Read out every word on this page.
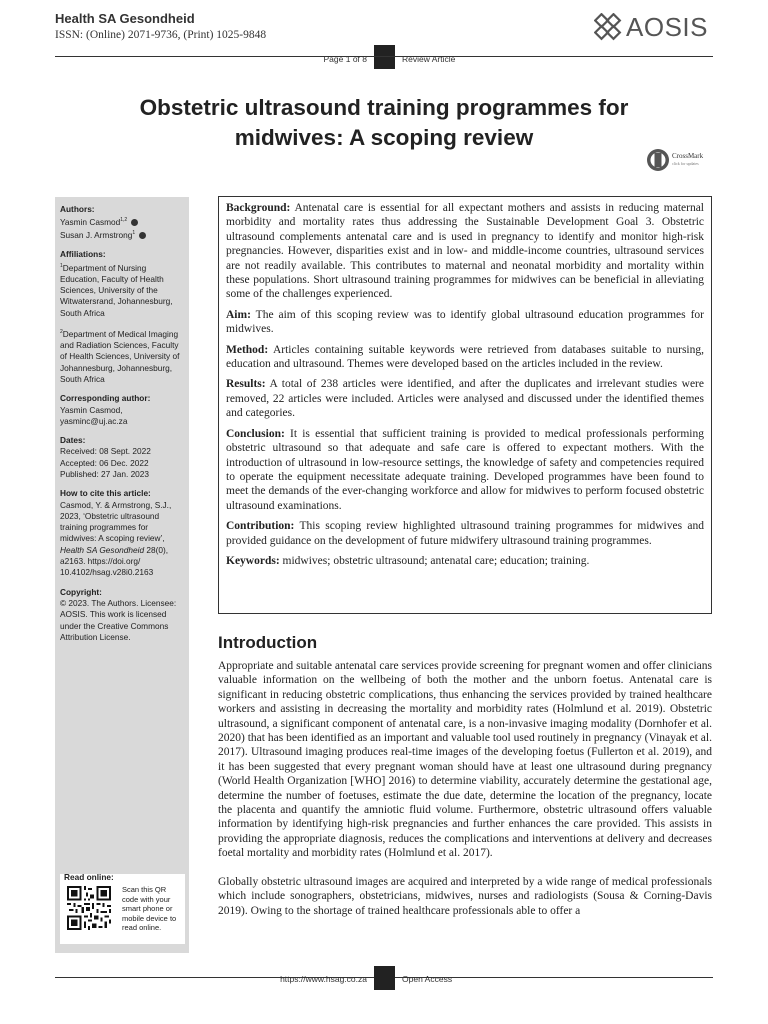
Health SA Gesondheid
ISSN: (Online) 2071-9736, (Print) 1025-9848	AOSIS
Page 1 of 8	Review Article
Obstetric ultrasound training programmes for midwives: A scoping review
CrossMark
click for updates

Authors:

Yasmin Casmod$^{1,2}$

Susan J. Armstrong$^1$

Affiliations:

$^1$Department of Nursing Education, Faculty of Health Sciences, University of the Witwatersrand, Johannesburg, South Africa

$^2$Department of Medical Imaging and Radiation Sciences, Faculty of Health Sciences, University of Johannesburg, Johannesburg, South Africa

Corresponding author:

Yasmin Casmod,

yasminc@uj.ac.za

Dates:

Received: 08 Sept. 2022

Accepted: 06 Dec. 2022

Published: 27 Jan. 2023

How to cite this article:

Casmod, Y. & Armstrong, S.J., 2023, ‘Obstetric ultrasound training programmes for midwives: A scoping review’, Health SA Gesondheid 28(0), a2163. https://doi.org/ 10.4102/hsag.v28i0.2163

Copyright:

© 2023. The Authors. Licensee: AOSIS. This work is licensed under the Creative Commons Attribution License.

Read online:
Scan this QR code with your smart phone or mobile device to read online.

Background: Antenatal care is essential for all expectant mothers and assists in reducing maternal morbidity and mortality rates thus addressing the Sustainable Development Goal 3. Obstetric ultrasound complements antenatal care and is used in pregnancy to identify and monitor high-risk pregnancies. However, disparities exist and in low- and middle-income countries, ultrasound services are not readily available. This contributes to maternal and neonatal morbidity and mortality within these populations. Short ultrasound training programmes for midwives can be beneficial in alleviating some of the challenges experienced.

Aim: The aim of this scoping review was to identify global ultrasound education programmes for midwives.

Method: Articles containing suitable keywords were retrieved from databases suitable to nursing, education and ultrasound. Themes were developed based on the articles included in the review.

Results: A total of 238 articles were identified, and after the duplicates and irrelevant studies were removed, 22 articles were included. Articles were analysed and discussed under the identified themes and categories.

Conclusion: It is essential that sufficient training is provided to medical professionals performing obstetric ultrasound so that adequate and safe care is offered to expectant mothers. With the introduction of ultrasound in low-resource settings, the knowledge of safety and competencies required to operate the equipment necessitate adequate training. Developed programmes have been found to meet the demands of the ever-changing workforce and allow for midwives to perform focused obstetric ultrasound examinations.

Contribution: This scoping review highlighted ultrasound training programmes for midwives and provided guidance on the development of future midwifery ultrasound training programmes.

Keywords: midwives; obstetric ultrasound; antenatal care; education; training.

Introduction

Appropriate and suitable antenatal care services provide screening for pregnant women and offer clinicians valuable information on the wellbeing of both the mother and the unborn foetus. Antenatal care is significant in reducing obstetric complications, thus enhancing the services provided by trained healthcare workers and assisting in decreasing the mortality and morbidity rates (Holmlund et al. 2019). Obstetric ultrasound, a significant component of antenatal care, is a non-invasive imaging modality (Dornhofer et al. 2020) that has been identified as an important and valuable tool used routinely in pregnancy (Vinayak et al. 2017). Ultrasound imaging produces real-time images of the developing foetus (Fullerton et al. 2019), and it has been suggested that every pregnant woman should have at least one ultrasound during pregnancy (World Health Organization [WHO] 2016) to determine viability, accurately determine the gestational age, determine the number of foetuses, estimate the due date, determine the location of the pregnancy, locate the placenta and quantify the amniotic fluid volume. Furthermore, obstetric ultrasound offers valuable information by identifying high-risk pregnancies and further enhances the care provided. This assists in providing the appropriate diagnosis, reduces the complications and interventions at delivery and decreases foetal mortality and morbidity rates (Holmlund et al. 2017).

Globally obstetric ultrasound images are acquired and interpreted by a wide range of medical professionals which include sonographers, obstetricians, midwives, nurses and radiologists (Sousa & Corning-Davis 2019). Owing to the shortage of trained healthcare professionals able to offer a

https://www.hsag.co.za	Open Access
